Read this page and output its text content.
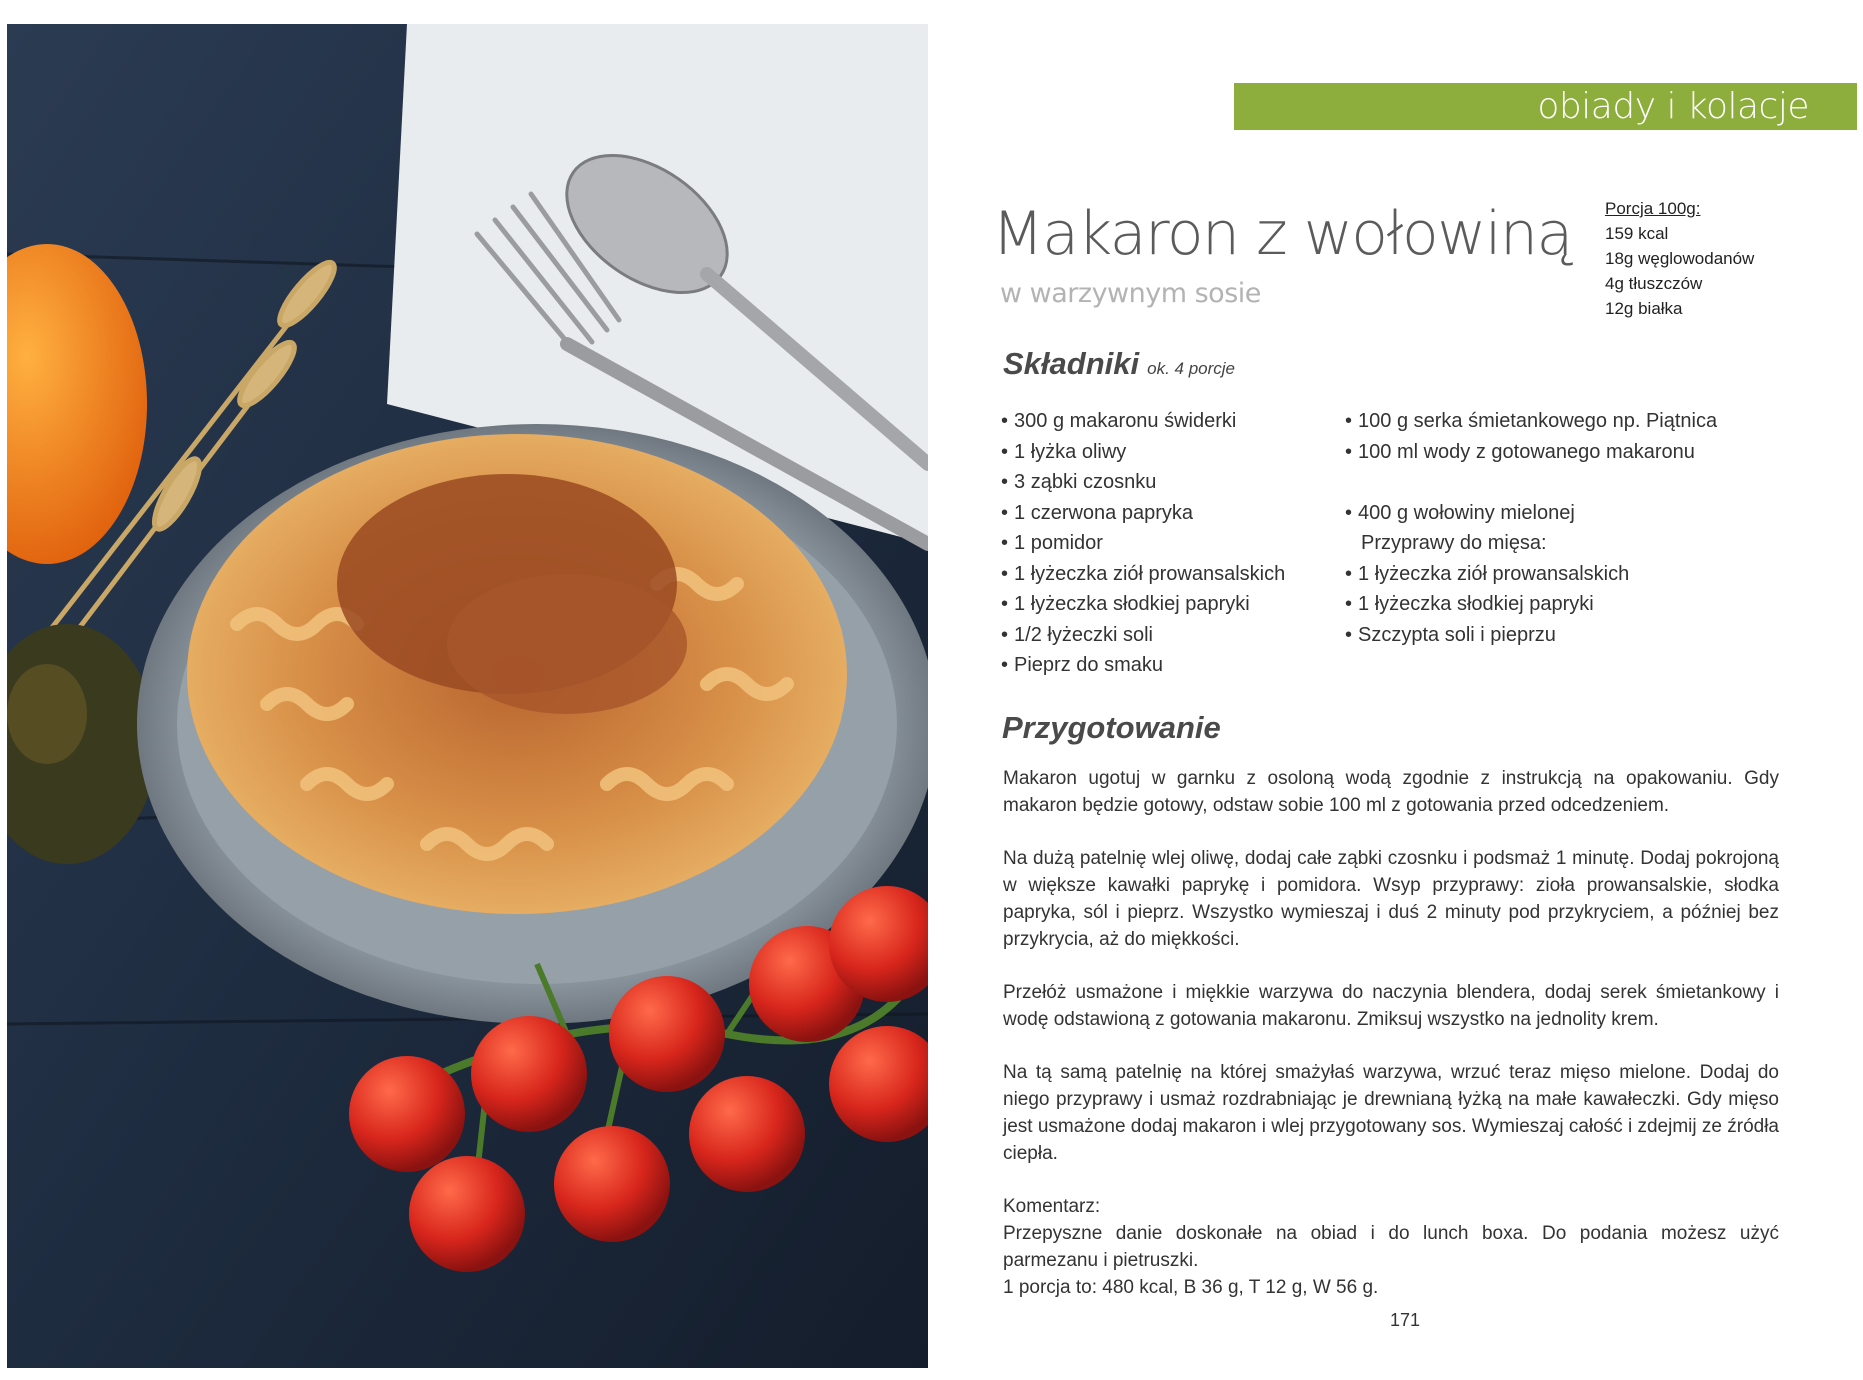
obiady i kolacje
Makaron z wołowiną
w warzywnym sosie
Porcja 100g:
159 kcal
18g węglowodanów
4g tłuszczów
12g białka
Składniki ok. 4 porcje
• 300 g makaronu świderki
• 1 łyżka oliwy
• 3 ząbki czosnku
• 1 czerwona papryka
• 1 pomidor
• 1 łyżeczka ziół prowansalskich
• 1 łyżeczka słodkiej papryki
• 1/2 łyżeczki soli
• Pieprz do smaku
• 100 g serka śmietankowego np. Piątnica
• 100 ml wody z gotowanego makaronu
• 400 g wołowiny mielonej
Przyprawy do mięsa:
• 1 łyżeczka ziół prowansalskich
• 1 łyżeczka słodkiej papryki
• Szczypta soli i pieprzu
Przygotowanie

Makaron ugotuj w garnku z osoloną wodą zgodnie z instrukcją na opakowaniu. Gdy makaron będzie gotowy, odstaw sobie 100 ml z gotowania przed odcedzeniem.

Na dużą patelnię wlej oliwę, dodaj całe ząbki czosnku i podsmaż 1 minutę. Dodaj pokrojoną w większe kawałki paprykę i pomidora. Wsyp przyprawy: zioła prowansalskie, słodka papryka, sól i pieprz. Wszystko wymieszaj i duś 2 minuty pod przykryciem, a później bez przykrycia, aż do miękkości.

Przełóż usmażone i miękkie warzywa do naczynia blendera, dodaj serek śmietankowy i wodę odstawioną z gotowania makaronu. Zmiksuj wszystko na jednolity krem.

Na tą samą patelnię na której smażyłaś warzywa, wrzuć teraz mięso mielone. Dodaj do niego przyprawy i usmaż rozdrabniając je drewnianą łyżką na małe kawałeczki. Gdy mięso jest usmażone dodaj makaron i wlej przygotowany sos. Wymieszaj całość i zdejmij ze źródła ciepła.

Komentarz:

Przepyszne danie doskonałe na obiad i do lunch boxa. Do podania możesz użyć parmezanu i pietruszki.

1 porcja to: 480 kcal, B 36 g, T 12 g, W 56 g.

171
